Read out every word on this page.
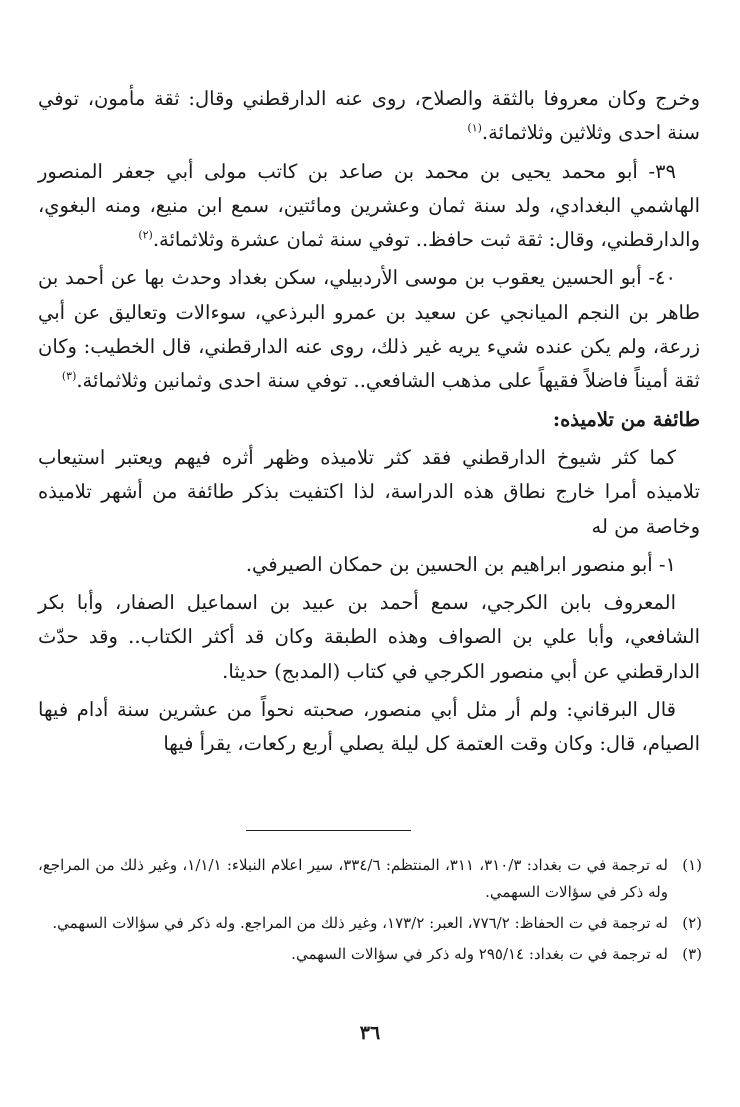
وخرج وكان معروفا بالثقة والصلاح، روى عنه الدارقطني وقال: ثقة مأمون، توفي سنة احدى وثلاثين وثلاثمائة.$^{(١)}$

٣٩- أبو محمد يحيى بن محمد بن صاعد بن كاتب مولى أبي جعفر المنصور الهاشمي البغدادي، ولد سنة ثمان وعشرين ومائتين، سمع ابن منيع، ومنه البغوي، والدارقطني، وقال: ثقة ثبت حافظ.. توفي سنة ثمان عشرة وثلاثمائة.$^{(٢)}$

٤٠- أبو الحسين يعقوب بن موسى الأردبيلي، سكن بغداد وحدث بها عن أحمد بن طاهر بن النجم الميانجي عن سعيد بن عمرو البرذعي، سوءالات وتعاليق عن أبي زرعة، ولم يكن عنده شيء يريه غير ذلك، روى عنه الدارقطني، قال الخطيب: وكان ثقة أميناً فاضلاً فقيهاً على مذهب الشافعي.. توفي سنة احدى وثمانين وثلاثمائة.$^{(٣)}$

طائفة من تلاميذه:

كما كثر شيوخ الدارقطني فقد كثر تلاميذه وظهر أثره فيهم ويعتبر استيعاب تلاميذه أمرا خارج نطاق هذه الدراسة، لذا اكتفيت بذكر طائفة من أشهر تلاميذه وخاصة من له

١- أبو منصور ابراهيم بن الحسين بن حمكان الصيرفي.

المعروف بابن الكرجي، سمع أحمد بن عبيد بن اسماعيل الصفار، وأبا بكر الشافعي، وأبا علي بن الصواف وهذه الطبقة وكان قد أكثر الكتاب.. وقد حدّث الدارقطني عن أبي منصور الكرجي في كتاب (المدبج) حديثا.

قال البرقاني: ولم أر مثل أبي منصور، صحبته نحواً من عشرين سنة أدام فيها الصيام، قال: وكان وقت العتمة كل ليلة يصلي أربع ركعات، يقرأ فيها

(١)
له ترجمة في ت بغداد: ٣١٠/٣، ٣١١، المنتظم: ٣٣٤/٦، سير اعلام النبلاء: ١/١/١، وغير ذلك من المراجع، وله ذكر في سؤالات السهمي.
(٢)
له ترجمة في ت الحفاظ: ٧٧٦/٢، العبر: ١٧٣/٢، وغير ذلك من المراجع. وله ذكر في سؤالات السهمي.
(٣)
له ترجمة في ت بغداد: ٢٩٥/١٤ وله ذكر في سؤالات السهمي.
٣٦
